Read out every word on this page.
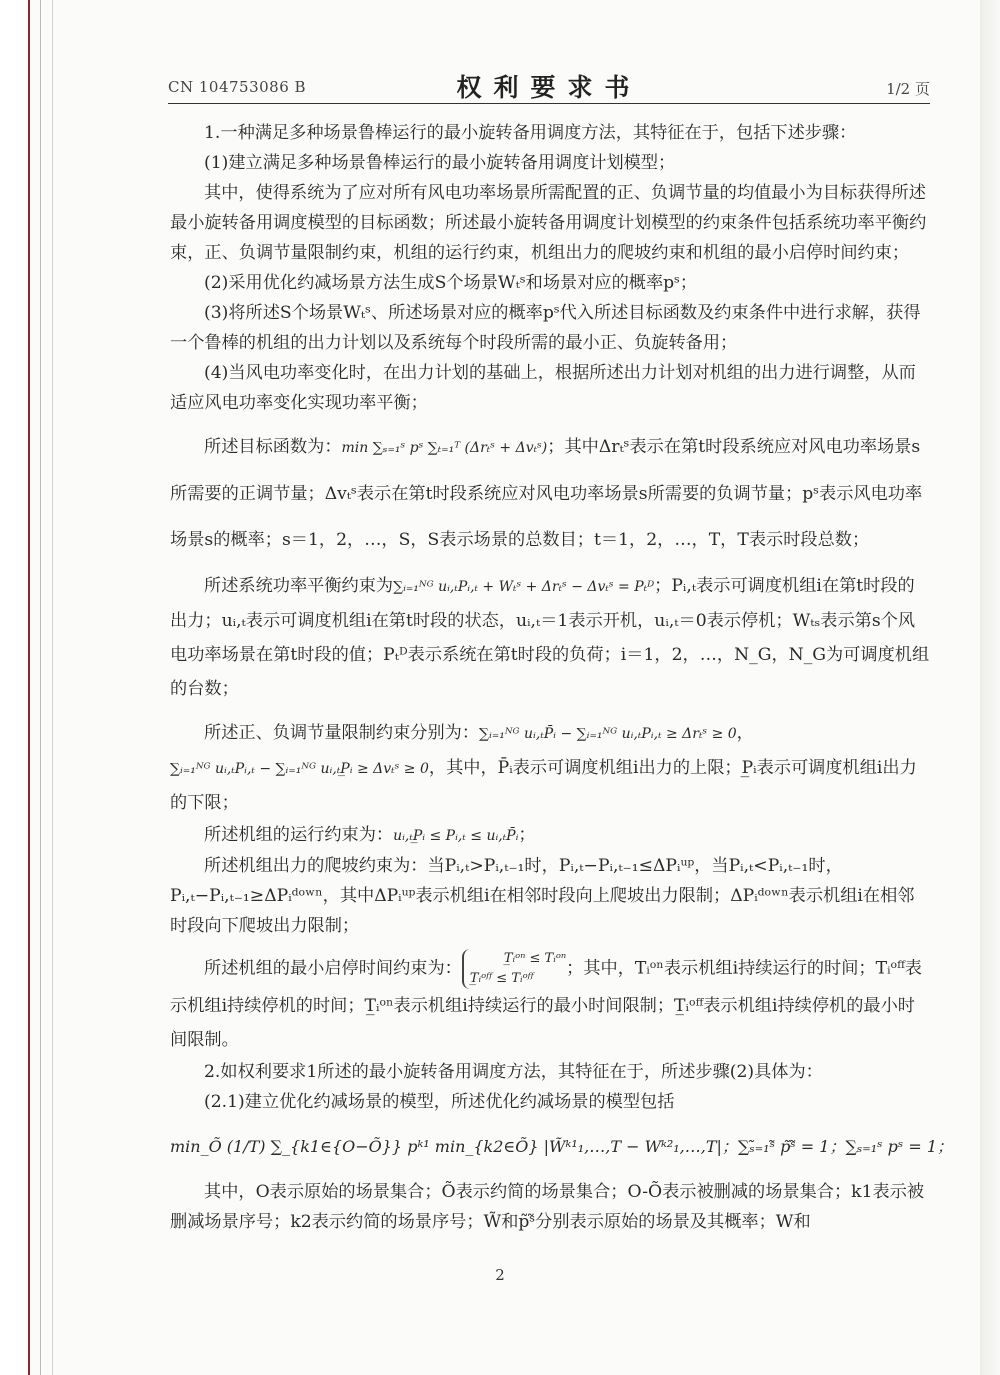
CN 104753086 B	权利要求书	1/2 页

1.一种满足多种场景鲁棒运行的最小旋转备用调度方法，其特征在于，包括下述步骤：

(1)建立满足多种场景鲁棒运行的最小旋转备用调度计划模型；

其中，使得系统为了应对所有风电功率场景所需配置的正、负调节量的均值最小为目标获得所述最小旋转备用调度模型的目标函数；所述最小旋转备用调度计划模型的约束条件包括系统功率平衡约束，正、负调节量限制约束，机组的运行约束，机组出力的爬坡约束和机组的最小启停时间约束；

(2)采用优化约减场景方法生成S个场景Wₜˢ和场景对应的概率pˢ；

(3)将所述S个场景Wₜˢ、所述场景对应的概率pˢ代入所述目标函数及约束条件中进行求解，获得一个鲁棒的机组的出力计划以及系统每个时段所需的最小正、负旋转备用；

(4)当风电功率变化时，在出力计划的基础上，根据所述出力计划对机组的出力进行调整，从而适应风电功率变化实现功率平衡；

所述目标函数为：min ∑ₛ₌₁ˢ pˢ ∑ₜ₌₁ᵀ (Δrₜˢ + Δvₜˢ)；其中Δrₜˢ表示在第t时段系统应对风电功率场景s所需要的正调节量；Δvₜˢ表示在第t时段系统应对风电功率场景s所需要的负调节量；pˢ表示风电功率场景s的概率；s＝1，2，…，S，S表示场景的总数目；t＝1，2，…，T，T表示时段总数；

所述系统功率平衡约束为∑ᵢ₌₁ᴺᴳ uᵢ,ₜPᵢ,ₜ + Wₜˢ + Δrₜˢ − Δvₜˢ = Pₜᴰ；Pᵢ,ₜ表示可调度机组i在第t时段的出力；uᵢ,ₜ表示可调度机组i在第t时段的状态，uᵢ,ₜ＝1表示开机，uᵢ,ₜ＝0表示停机；Wₜₛ表示第s个风电功率场景在第t时段的值；Pₜᴰ表示系统在第t时段的负荷；i＝1，2，…，N_G，N_G为可调度机组的台数；

所述正、负调节量限制约束分别为：∑ᵢ₌₁ᴺᴳ uᵢ,ₜP̄ᵢ − ∑ᵢ₌₁ᴺᴳ uᵢ,ₜPᵢ,ₜ ≥ Δrₜˢ ≥ 0，∑ᵢ₌₁ᴺᴳ uᵢ,ₜPᵢ,ₜ − ∑ᵢ₌₁ᴺᴳ uᵢ,ₜP̲ᵢ ≥ Δvₜˢ ≥ 0，其中，P̄ᵢ表示可调度机组i出力的上限；P̲ᵢ表示可调度机组i出力的下限；

所述机组的运行约束为：uᵢ,ₜP̲ᵢ ≤ Pᵢ,ₜ ≤ uᵢ,ₜP̄ᵢ；

所述机组出力的爬坡约束为：当Pᵢ,ₜ>Pᵢ,ₜ₋₁时，Pᵢ,ₜ−Pᵢ,ₜ₋₁≤ΔPᵢᵘᵖ，当Pᵢ,ₜ<Pᵢ,ₜ₋₁时，Pᵢ,ₜ−Pᵢ,ₜ₋₁≥ΔPᵢᵈᵒʷⁿ，其中ΔPᵢᵘᵖ表示机组i在相邻时段向上爬坡出力限制；ΔPᵢᵈᵒʷⁿ表示机组i在相邻时段向下爬坡出力限制；

所述机组的最小启停时间约束为：	T̲ᵢᵒⁿ ≤ Tᵢᵒⁿ
T̲ᵢᵒᶠᶠ ≤ Tᵢᵒᶠᶠ ；其中，Tᵢᵒⁿ表示机组i持续运行的时间；Tᵢᵒᶠᶠ表示机组i持续停机的时间；T̲ᵢᵒⁿ表示机组i持续运行的最小时间限制；T̲ᵢᵒᶠᶠ表示机组i持续停机的最小时间限制。

2.如权利要求1所述的最小旋转备用调度方法，其特征在于，所述步骤(2)具体为：

(2.1)建立优化约减场景的模型，所述优化约减场景的模型包括

min_Õ (1/T) ∑_{k1∈{O−Õ}} pᵏ¹ min_{k2∈Õ} |W̃ᵏ¹₁,…,T − Wᵏ²₁,…,T|；∑ₛ̃₌₁ˢ̃ p̃ˢ̃ = 1；∑ₛ₌₁ˢ pˢ = 1；

其中，O表示原始的场景集合；Õ表示约简的场景集合；O-Õ表示被删减的场景集合；k1表示被删减场景序号；k2表示约简的场景序号；W̃和p̃ˢ̃分别表示原始的场景及其概率；W和

2
